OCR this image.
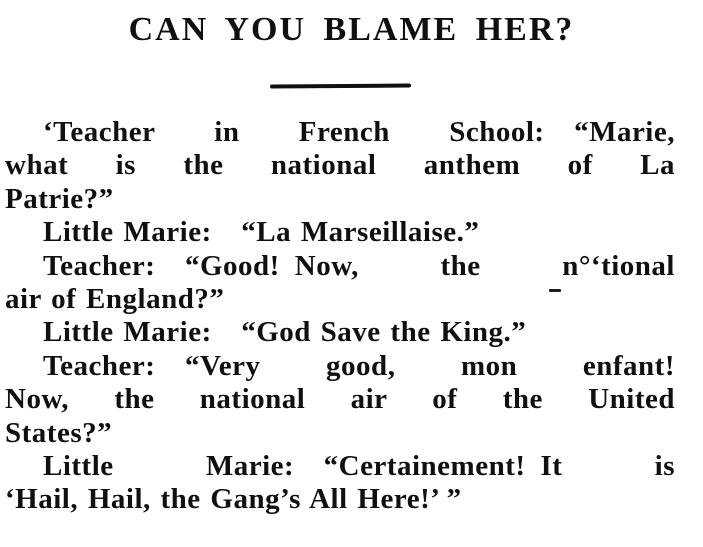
CAN YOU BLAME HER?
‘Teacher in French School: “Marie,
what is the national anthem of La
Patrie?”
Little Marie: “La Marseillaise.”
Teacher: “Good! Now, the n°‘tional
air of England?”
Little Marie: “God Save the King.”
Teacher: “Very good, mon enfant!
Now, the national air of the United
States?”
Little Marie: “Certainement! It is
‘Hail, Hail, the Gang’s All Here!’ ”
